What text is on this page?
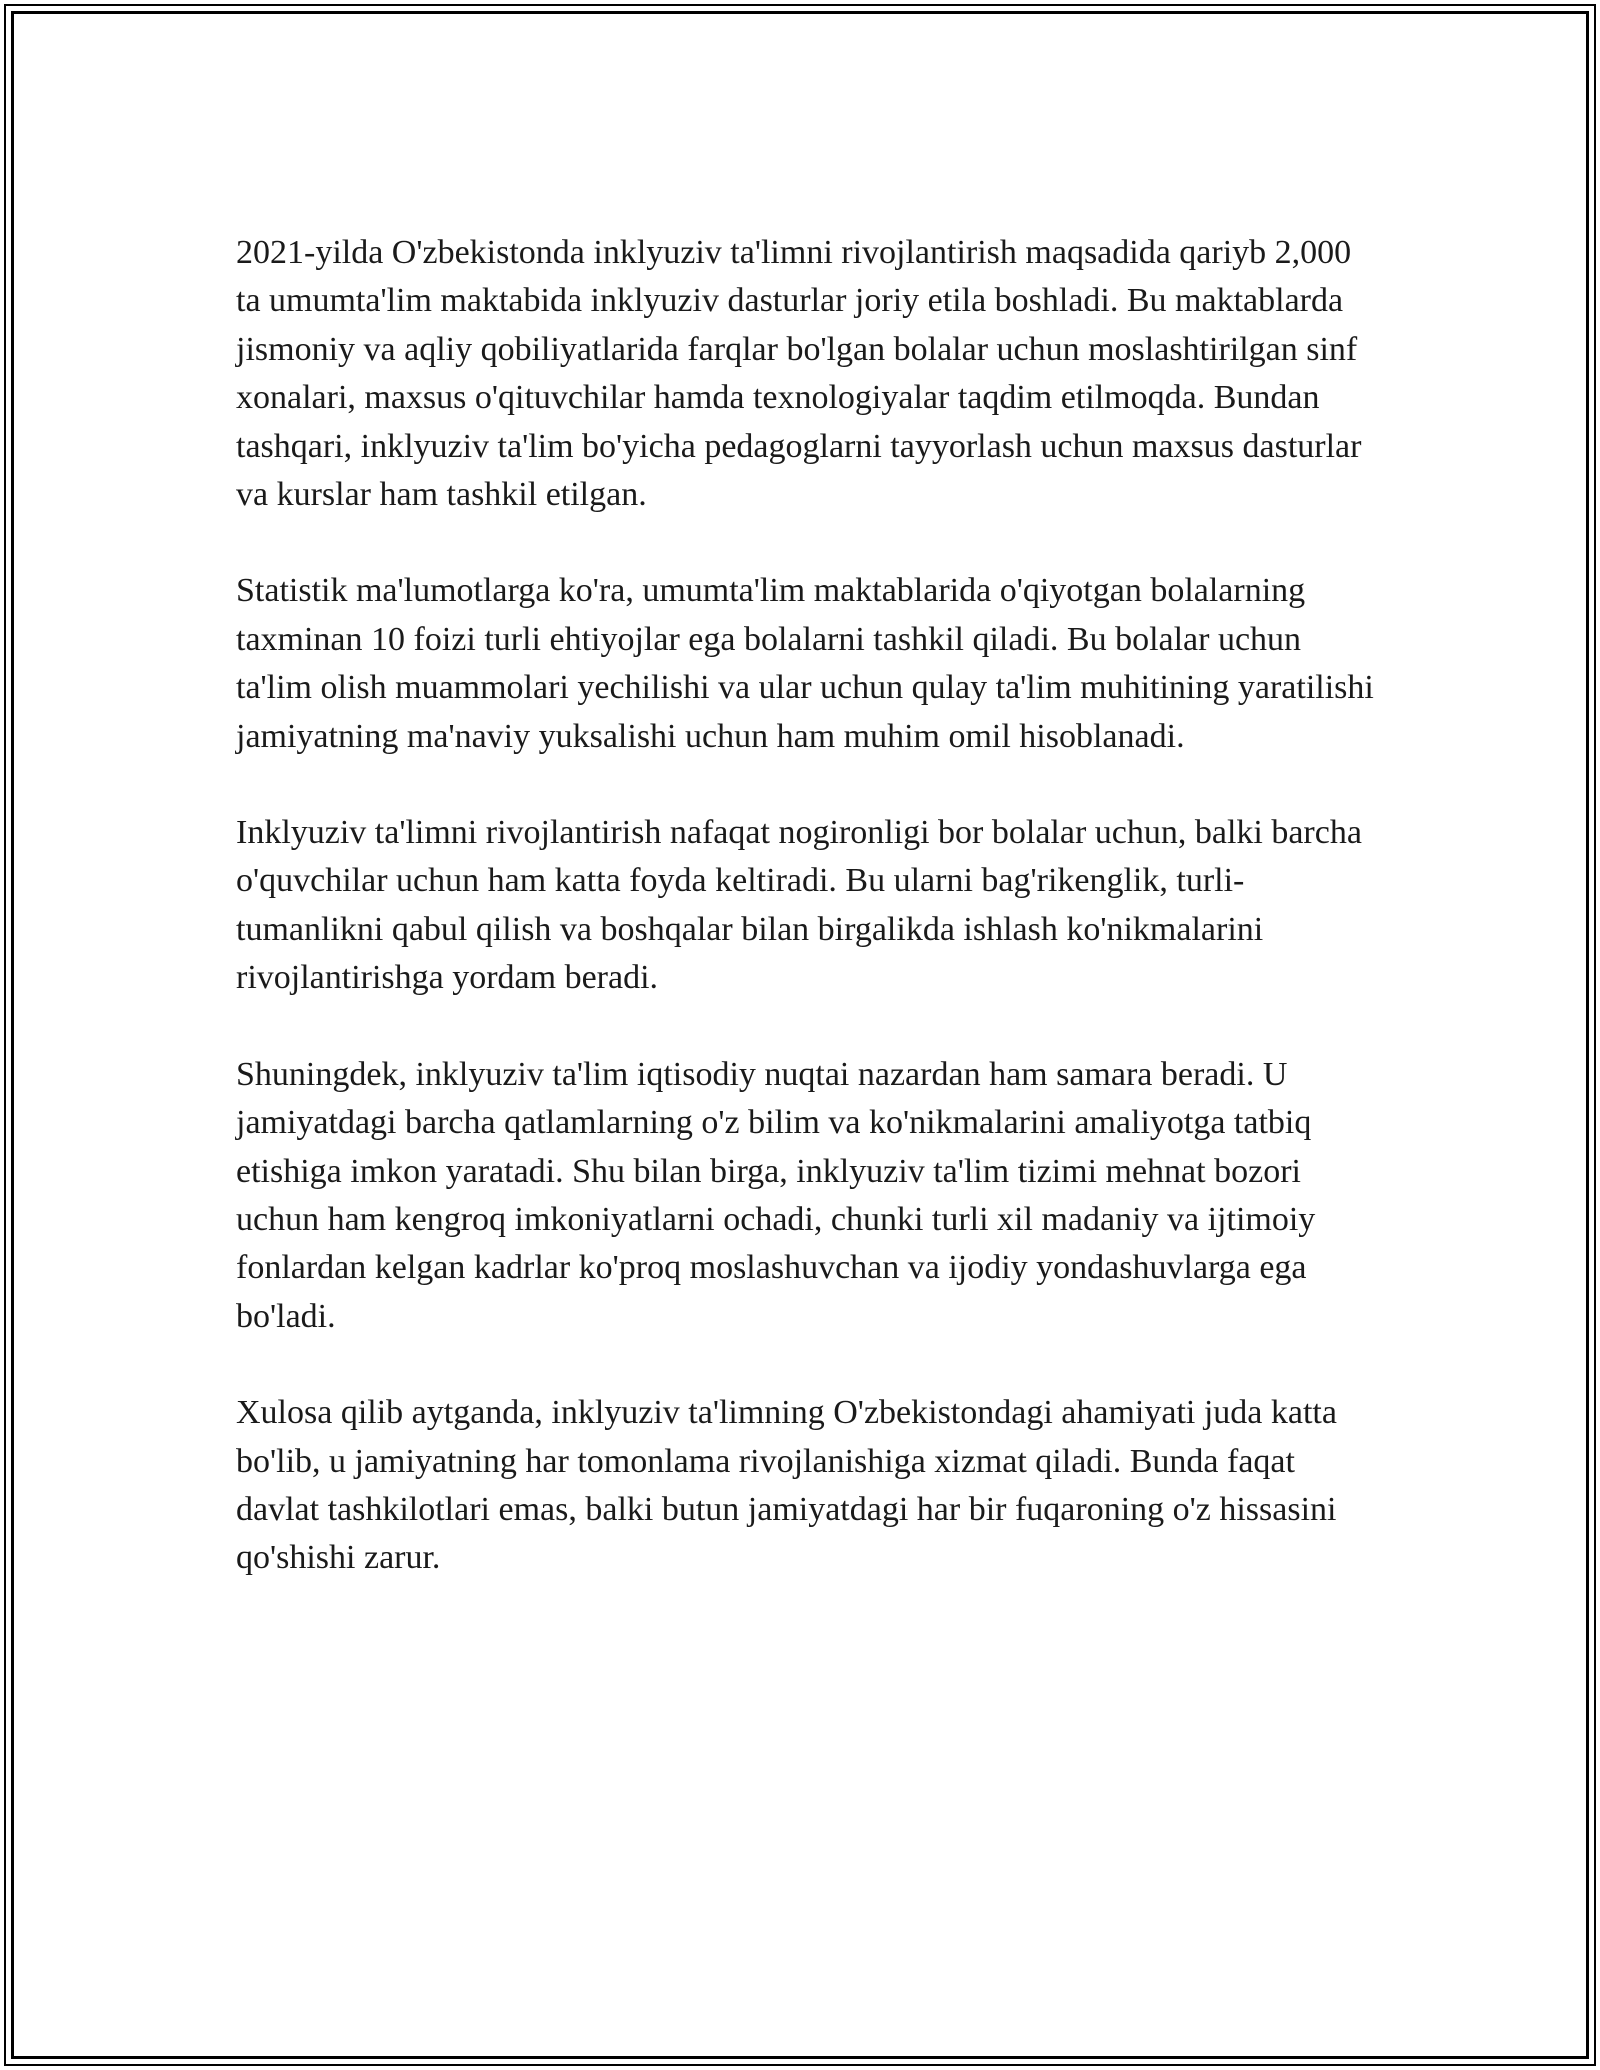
2021-yilda O'zbekistonda inklyuziv ta'limni rivojlantirish maqsadida qariyb 2,000 ta umumta'lim maktabida inklyuziv dasturlar joriy etila boshladi. Bu maktablarda jismoniy va aqliy qobiliyatlarida farqlar bo'lgan bolalar uchun moslashtirilgan sinf xonalari, maxsus o'qituvchilar hamda texnologiyalar taqdim etilmoqda. Bundan tashqari, inklyuziv ta'lim bo'yicha pedagoglarni tayyorlash uchun maxsus dasturlar va kurslar ham tashkil etilgan.

Statistik ma'lumotlarga ko'ra, umumta'lim maktablarida o'qiyotgan bolalarning taxminan 10 foizi turli ehtiyojlar ega bolalarni tashkil qiladi. Bu bolalar uchun ta'lim olish muammolari yechilishi va ular uchun qulay ta'lim muhitining yaratilishi jamiyatning ma'naviy yuksalishi uchun ham muhim omil hisoblanadi.

Inklyuziv ta'limni rivojlantirish nafaqat nogironligi bor bolalar uchun, balki barcha o'quvchilar uchun ham katta foyda keltiradi. Bu ularni bag'rikenglik, turli-tumanlikni qabul qilish va boshqalar bilan birgalikda ishlash ko'nikmalarini rivojlantirishga yordam beradi.

Shuningdek, inklyuziv ta'lim iqtisodiy nuqtai nazardan ham samara beradi. U jamiyatdagi barcha qatlamlarning o'z bilim va ko'nikmalarini amaliyotga tatbiq etishiga imkon yaratadi. Shu bilan birga, inklyuziv ta'lim tizimi mehnat bozori uchun ham kengroq imkoniyatlarni ochadi, chunki turli xil madaniy va ijtimoiy fonlardan kelgan kadrlar ko'proq moslashuvchan va ijodiy yondashuvlarga ega bo'ladi.

Xulosa qilib aytganda, inklyuziv ta'limning O'zbekistondagi ahamiyati juda katta bo'lib, u jamiyatning har tomonlama rivojlanishiga xizmat qiladi. Bunda faqat davlat tashkilotlari emas, balki butun jamiyatdagi har bir fuqaroning o'z hissasini qo'shishi zarur.
